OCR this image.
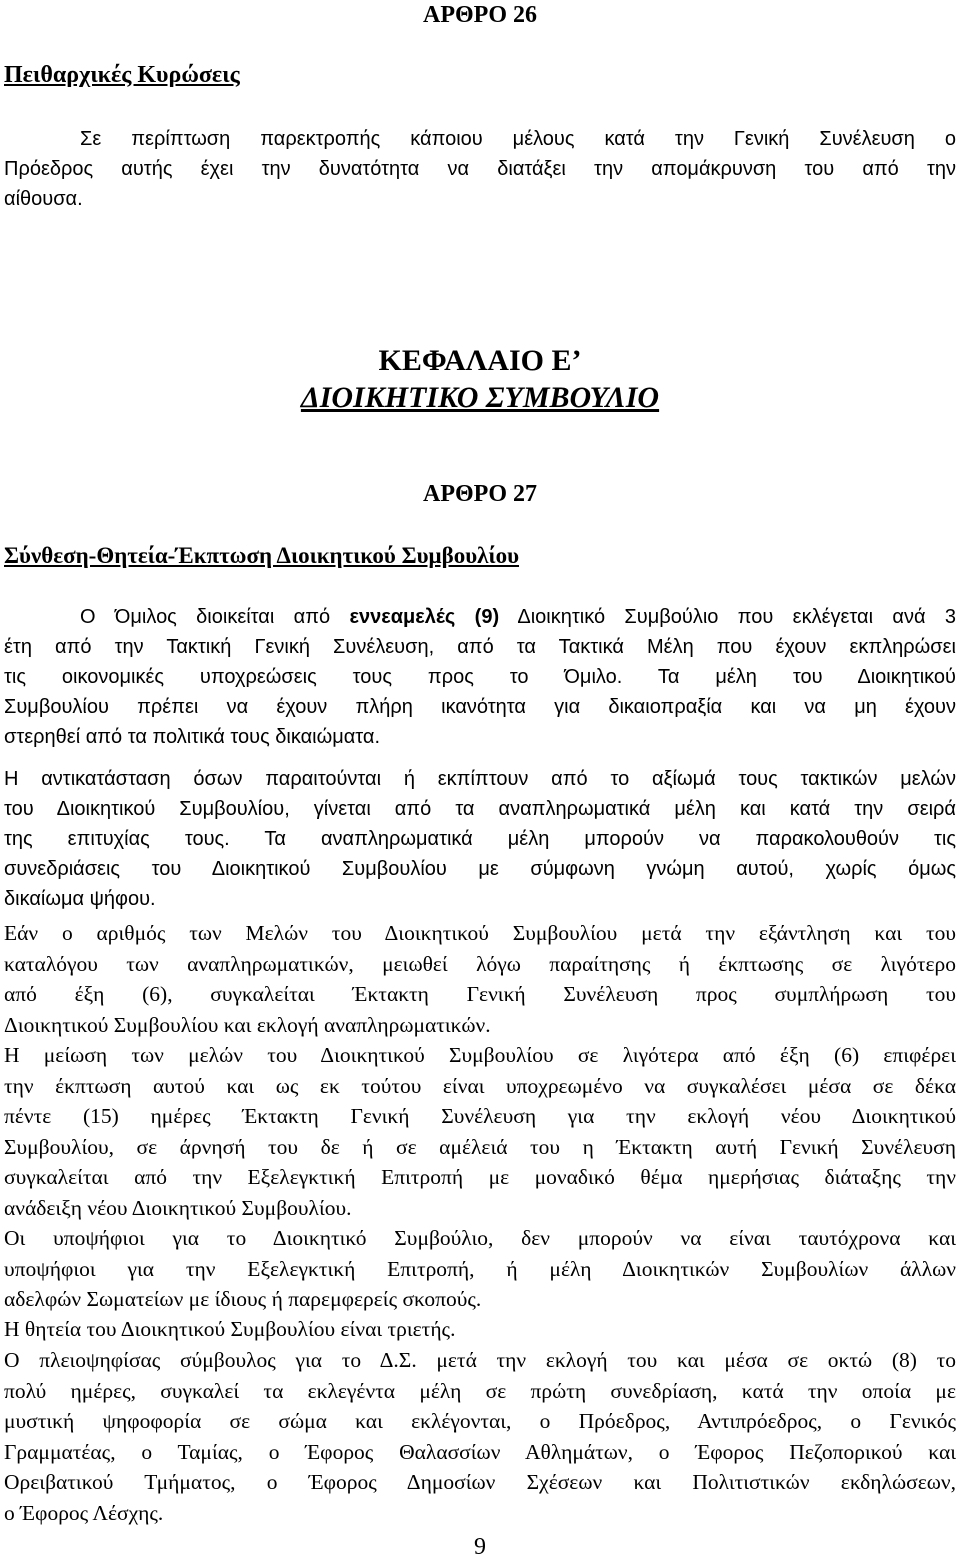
ΑΡΘΡΟ 26
Πειθαρχικές Κυρώσεις
Σε περίπτωση παρεκτροπής κάποιου μέλους κατά την Γενική Συνέλευση ο
Πρόεδρος αυτής έχει την δυνατότητα να διατάξει την απομάκρυνση του από την
αίθουσα.
ΚΕΦΑΛΑΙΟ Ε’
ΔΙΟΙΚΗΤΙΚΟ ΣΥΜΒΟΥΛΙΟ
ΑΡΘΡΟ 27
Σύνθεση-Θητεία-Έκπτωση Διοικητικού Συμβουλίου
Ο Όμιλος διοικείται από εννεαμελές (9) Διοικητικό Συμβούλιο που εκλέγεται ανά 3
έτη από την Τακτική Γενική Συνέλευση, από τα Τακτικά Μέλη που έχουν εκπληρώσει
τις οικονομικές υποχρεώσεις τους προς το Όμιλο. Τα μέλη του Διοικητικού
Συμβουλίου πρέπει να έχουν πλήρη ικανότητα για δικαιοπραξία και να μη έχουν
στερηθεί από τα πολιτικά τους δικαιώματα.
Η αντικατάσταση όσων παραιτούνται ή εκπίπτουν από το αξίωμά τους τακτικών μελών
του Διοικητικού Συμβουλίου, γίνεται από τα αναπληρωματικά μέλη και κατά την σειρά
της επιτυχίας τους. Τα αναπληρωματικά μέλη μπορούν να παρακολουθούν τις
συνεδριάσεις του Διοικητικού Συμβουλίου με σύμφωνη γνώμη αυτού, χωρίς όμως
δικαίωμα ψήφου.
Εάν ο αριθμός των Μελών του Διοικητικού Συμβουλίου μετά την εξάντληση και του
καταλόγου των αναπληρωματικών, μειωθεί λόγω παραίτησης ή έκπτωσης σε λιγότερο
από έξη (6), συγκαλείται Έκτακτη Γενική Συνέλευση προς συμπλήρωση του
Διοικητικού Συμβουλίου και εκλογή αναπληρωματικών.
Η μείωση των μελών του Διοικητικού Συμβουλίου σε λιγότερα από έξη (6) επιφέρει
την έκπτωση αυτού και ως εκ τούτου είναι υποχρεωμένο να συγκαλέσει μέσα σε δέκα
πέντε (15) ημέρες Έκτακτη Γενική Συνέλευση για την εκλογή νέου Διοικητικού
Συμβουλίου, σε άρνησή του δε ή σε αμέλειά του η Έκτακτη αυτή Γενική Συνέλευση
συγκαλείται από την Εξελεγκτική Επιτροπή με μοναδικό θέμα ημερήσιας διάταξης την
ανάδειξη νέου Διοικητικού Συμβουλίου.
Οι υποψήφιοι για το Διοικητικό Συμβούλιο, δεν μπορούν να είναι ταυτόχρονα και
υποψήφιοι για την Εξελεγκτική Επιτροπή, ή μέλη Διοικητικών Συμβουλίων άλλων
αδελφών Σωματείων με ίδιους ή παρεμφερείς σκοπούς.
Η θητεία του Διοικητικού Συμβουλίου είναι τριετής.
Ο πλειοψηφίσας σύμβουλος για το Δ.Σ. μετά την εκλογή του και μέσα σε οκτώ (8) το
πολύ ημέρες, συγκαλεί τα εκλεγέντα μέλη σε πρώτη συνεδρίαση, κατά την οποία με
μυστική ψηφοφορία σε σώμα και εκλέγονται, ο Πρόεδρος, Αντιπρόεδρος, ο Γενικός
Γραμματέας, ο Ταμίας, ο Έφορος Θαλασσίων Αθλημάτων, ο Έφορος Πεζοπορικού και
Ορειβατικού Τμήματος, ο Έφορος Δημοσίων Σχέσεων και Πολιτιστικών εκδηλώσεων,
ο Έφορος Λέσχης.
9
